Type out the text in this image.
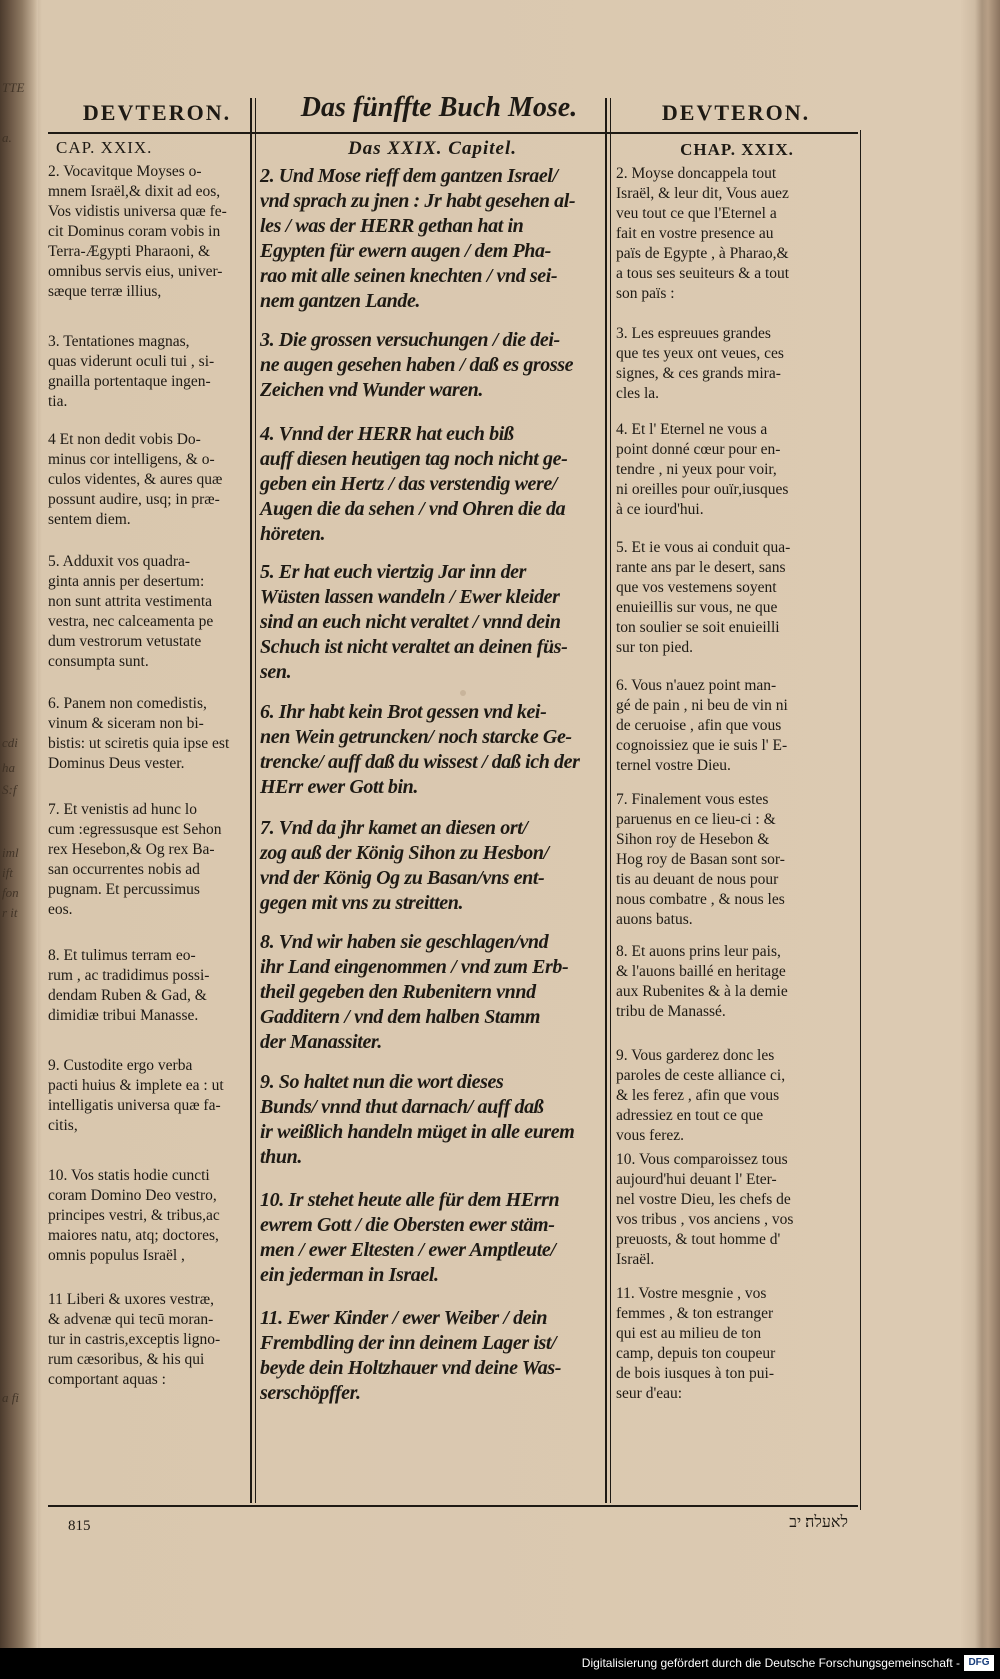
TTE
a.
cdi
ha
S:f
iml
ift
fon
r it
a fi
DEVTERON.	Das fünffte Buch Mose.	DEVTERON.

CAP. XXIX.

2. Vocavitque Moyses o-
mnem Israël,& dixit ad eos,
Vos vidistis universa quæ fe-
cit Dominus coram vobis in
Terra-Ægypti Pharaoni, &
omnibus servis eius, univer-
sæque terræ illius,

3. Tentationes magnas,
quas viderunt oculi tui , si-
gnailla portentaque ingen-
tia.

4 Et non dedit vobis Do-
minus cor intelligens, & o-
culos videntes, & aures quæ
possunt audire, usq; in præ-
sentem diem.

5. Adduxit vos quadra-
ginta annis per desertum:
non sunt attrita vestimenta
vestra, nec calceamenta pe
dum vestrorum vetustate
consumpta sunt.

6. Panem non comedistis,
vinum & siceram non bi-
bistis: ut sciretis quia ipse est
Dominus Deus vester.

7. Et venistis ad hunc lo
cum :egressusque est Sehon
rex Hesebon,& Og rex Ba-
san occurrentes nobis ad
pugnam. Et percussimus
eos.

8. Et tulimus terram eo-
rum , ac tradidimus possi-
dendam Ruben & Gad, &
dimidiæ tribui Manasse.

9. Custodite ergo verba
pacti huius & implete ea : ut
intelligatis universa quæ fa-
citis,

10. Vos statis hodie cuncti
coram Domino Deo vestro,
principes vestri, & tribus,ac
maiores natu, atq; doctores,
omnis populus Israël ,

11 Liberi & uxores vestræ,
& advenæ qui tecū moran-
tur in castris,exceptis ligno-
rum cæsoribus, & his qui
comportant aquas :

Das XXIX. Capitel.

2. Und Mose rieff dem gantzen Israel/
vnd sprach zu jnen : Jr habt gesehen al-
les / was der HERR gethan hat in
Egypten für ewern augen / dem Pha-
rao mit alle seinen knechten / vnd sei-
nem gantzen Lande.

3. Die grossen versuchungen / die dei-
ne augen gesehen haben / daß es grosse
Zeichen vnd Wunder waren.

4. Vnnd der HERR hat euch biß
auff diesen heutigen tag noch nicht ge-
geben ein Hertz / das verstendig were/
Augen die da sehen / vnd Ohren die da
höreten.

5. Er hat euch viertzig Jar inn der
Wüsten lassen wandeln / Ewer kleider
sind an euch nicht veraltet / vnnd dein
Schuch ist nicht veraltet an deinen füs-
sen.

6. Ihr habt kein Brot gessen vnd kei-
nen Wein getruncken/ noch starcke Ge-
trencke/ auff daß du wissest / daß ich der
HErr ewer Gott bin.

7. Vnd da jhr kamet an diesen ort/
zog auß der König Sihon zu Hesbon/
vnd der König Og zu Basan/vns ent-
gegen mit vns zu streitten.

8. Vnd wir haben sie geschlagen/vnd
ihr Land eingenommen / vnd zum Erb-
theil gegeben den Rubenitern vnnd
Gadditern / vnd dem halben Stamm
der Manassiter.

9. So haltet nun die wort dieses
Bunds/ vnnd thut darnach/ auff daß
ir weißlich handeln müget in alle eurem
thun.

10. Ir stehet heute alle für dem HErrn
ewrem Gott / die Obersten ewer stäm-
men / ewer Eltesten / ewer Amptleute/
ein jederman in Israel.

11. Ewer Kinder / ewer Weiber / dein
Frembdling der inn deinem Lager ist/
beyde dein Holtzhauer vnd deine Was-
serschöpffer.

CHAP. XXIX.

2. Moyse doncappela tout
Israël, & leur dit, Vous auez
veu tout ce que l'Eternel a
fait en vostre presence au
païs de Egypte , à Pharao,&
a tous ses seuiteurs & a tout
son païs :

3. Les espreuues grandes
que tes yeux ont veues, ces
signes, & ces grands mira-
cles la.

4. Et l' Eternel ne vous a
point donné cœur pour en-
tendre , ni yeux pour voir,
ni oreilles pour ouïr,iusques
à ce iourd'hui.

5. Et ie vous ai conduit qua-
rante ans par le desert, sans
que vos vestemens soyent
enuieillis sur vous, ne que
ton soulier se soit enuieilli
sur ton pied.

6. Vous n'auez point man-
gé de pain , ni beu de vin ni
de ceruoise , afin que vous
cognoissiez que ie suis l' E-
ternel vostre Dieu.

7. Finalement vous estes
paruenus en ce lieu-ci : &
Sihon roy de Hesebon &
Hog roy de Basan sont sor-
tis au deuant de nous pour
nous combatre , & nous les
auons batus.

8. Et auons prins leur pais,
& l'auons baillé en heritage
aux Rubenites & à la demie
tribu de Manassé.

9. Vous garderez donc les
paroles de ceste alliance ci,
& les ferez , afin que vous
adressiez en tout ce que
vous ferez.

10. Vous comparoissez tous
aujourd'hui deuant l' Eter-
nel vostre Dieu, les chefs de
vos tribus , vos anciens , vos
preuosts, & tout homme d'
Israël.

11. Vostre mesgnie , vos
femmes , & ton estranger
qui est au milieu de ton
camp, depuis ton coupeur
de bois iusques à ton pui-
seur d'eau:

815	לאעלה׃ יב
Digitalisierung gefördert durch die Deutsche Forschungsgemeinschaft - DFG
